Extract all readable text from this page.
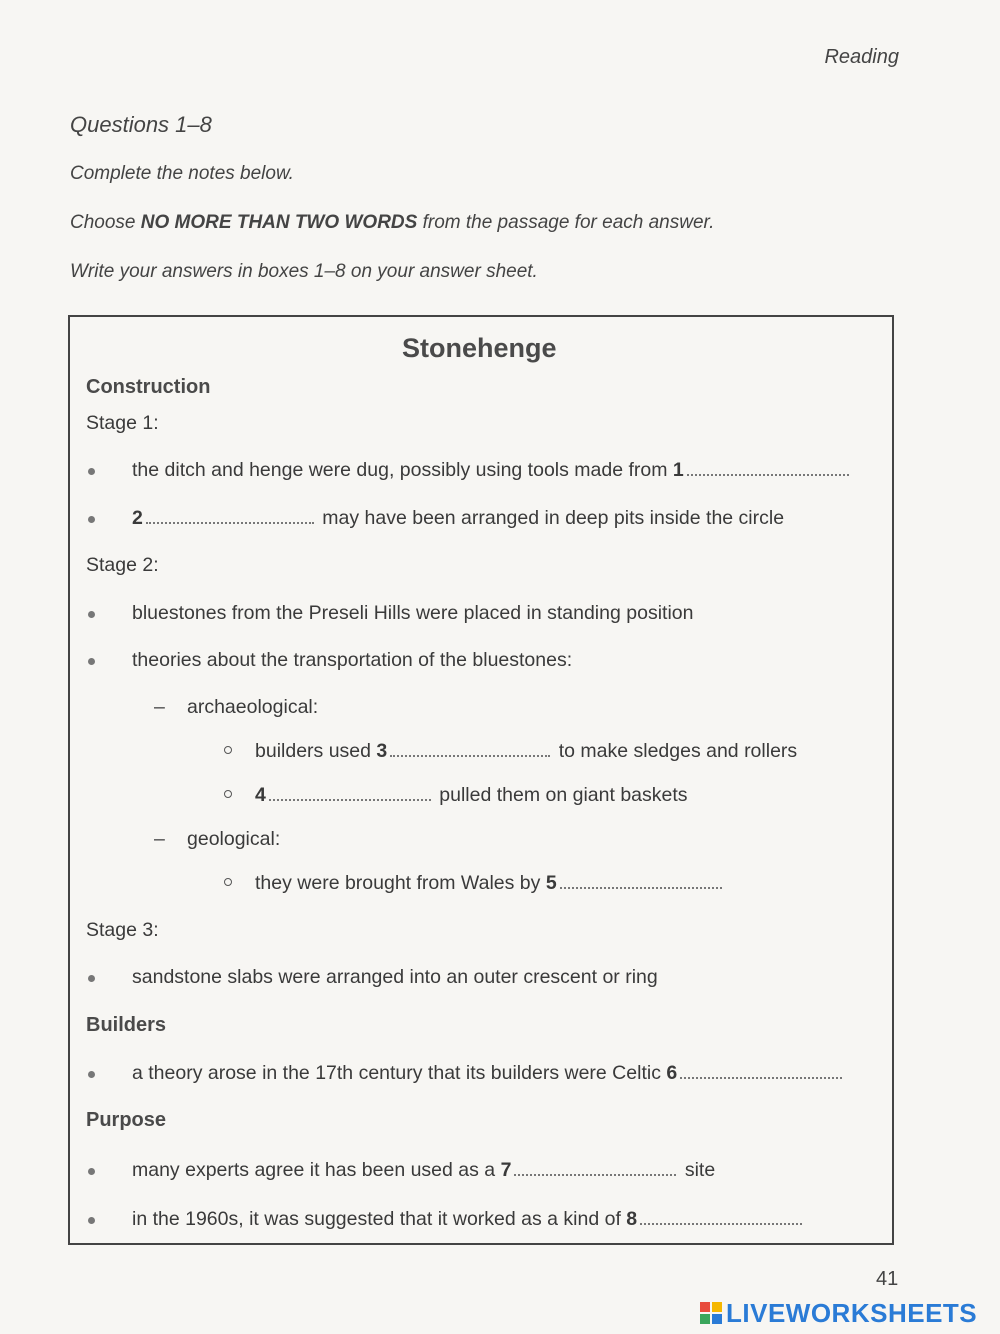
Reading
Questions 1–8
Complete the notes below.
Choose NO MORE THAN TWO WORDS from the passage for each answer.
Write your answers in boxes 1–8 on your answer sheet.
Stonehenge
Construction
Stage 1:
the ditch and henge were dug, possibly using tools made from 1
2	may have been arranged in deep pits inside the circle
Stage 2:
bluestones from the Preseli Hills were placed in standing position
theories about the transportation of the bluestones:
– archaeological:
builders used 3	to make sledges and rollers
4	pulled them on giant baskets
– geological:
they were brought from Wales by 5
Stage 3:
sandstone slabs were arranged into an outer crescent or ring
Builders
a theory arose in the 17th century that its builders were Celtic 6
Purpose
many experts agree it has been used as a 7	site
in the 1960s, it was suggested that it worked as a kind of 8
41
LIVEWORKSHEETS
